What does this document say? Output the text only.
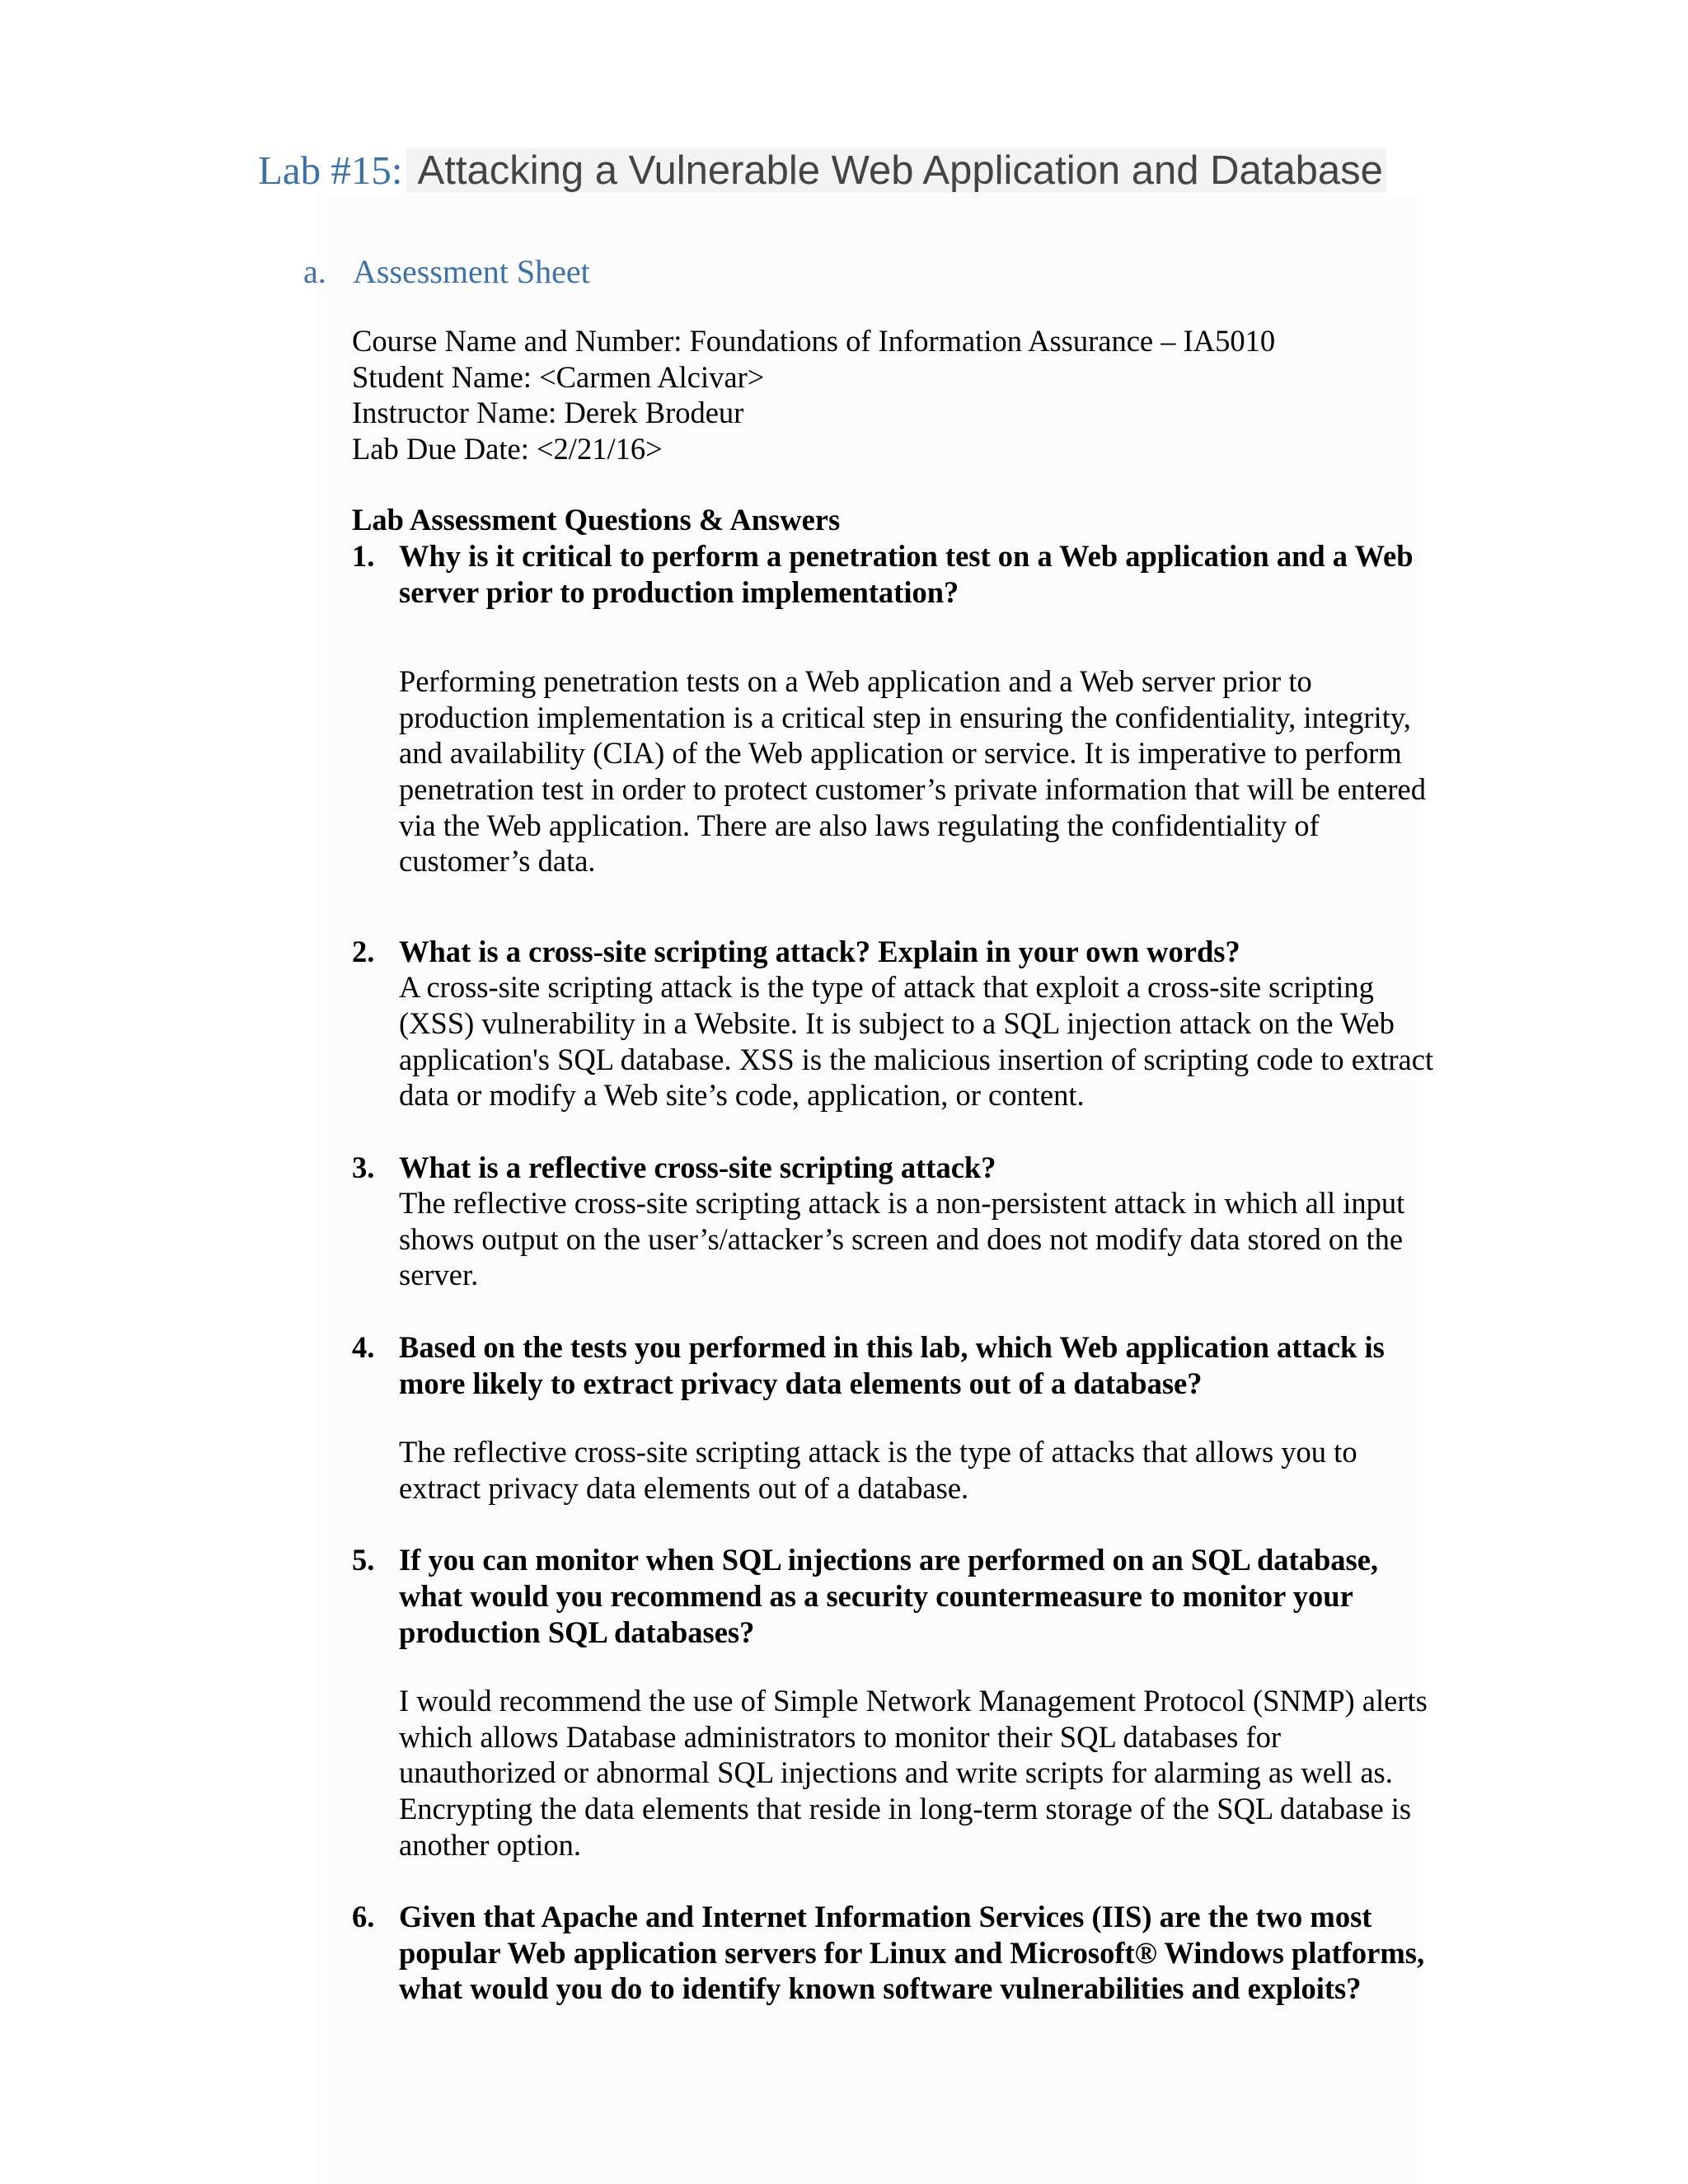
Lab #15: Attacking a Vulnerable Web Application and Database
a. Assessment Sheet
Course Name and Number: Foundations of Information Assurance – IA5010
Student Name: <Carmen Alcivar>
Instructor Name: Derek Brodeur
Lab Due Date: <2/21/16>
Lab Assessment Questions & Answers
1. Why is it critical to perform a penetration test on a Web application and a Web server prior to production implementation?
Performing penetration tests on a Web application and a Web server prior to production implementation is a critical step in ensuring the confidentiality, integrity, and availability (CIA) of the Web application or service. It is imperative to perform penetration test in order to protect customer’s private information that will be entered via the Web application. There are also laws regulating the confidentiality of customer’s data.
2. What is a cross-site scripting attack? Explain in your own words?
A cross-site scripting attack is the type of attack that exploit a cross-site scripting (XSS) vulnerability in a Website. It is subject to a SQL injection attack on the Web application's SQL database. XSS is the malicious insertion of scripting code to extract data or modify a Web site’s code, application, or content.
3. What is a reflective cross-site scripting attack?
The reflective cross-site scripting attack is a non-persistent attack in which all input shows output on the user’s/attacker’s screen and does not modify data stored on the server.
4. Based on the tests you performed in this lab, which Web application attack is more likely to extract privacy data elements out of a database?
The reflective cross-site scripting attack is the type of attacks that allows you to extract privacy data elements out of a database.
5. If you can monitor when SQL injections are performed on an SQL database, what would you recommend as a security countermeasure to monitor your production SQL databases?
I would recommend the use of Simple Network Management Protocol (SNMP) alerts which allows Database administrators to monitor their SQL databases for unauthorized or abnormal SQL injections and write scripts for alarming as well as. Encrypting the data elements that reside in long-term storage of the SQL database is another option.
6. Given that Apache and Internet Information Services (IIS) are the two most popular Web application servers for Linux and Microsoft® Windows platforms, what would you do to identify known software vulnerabilities and exploits?
